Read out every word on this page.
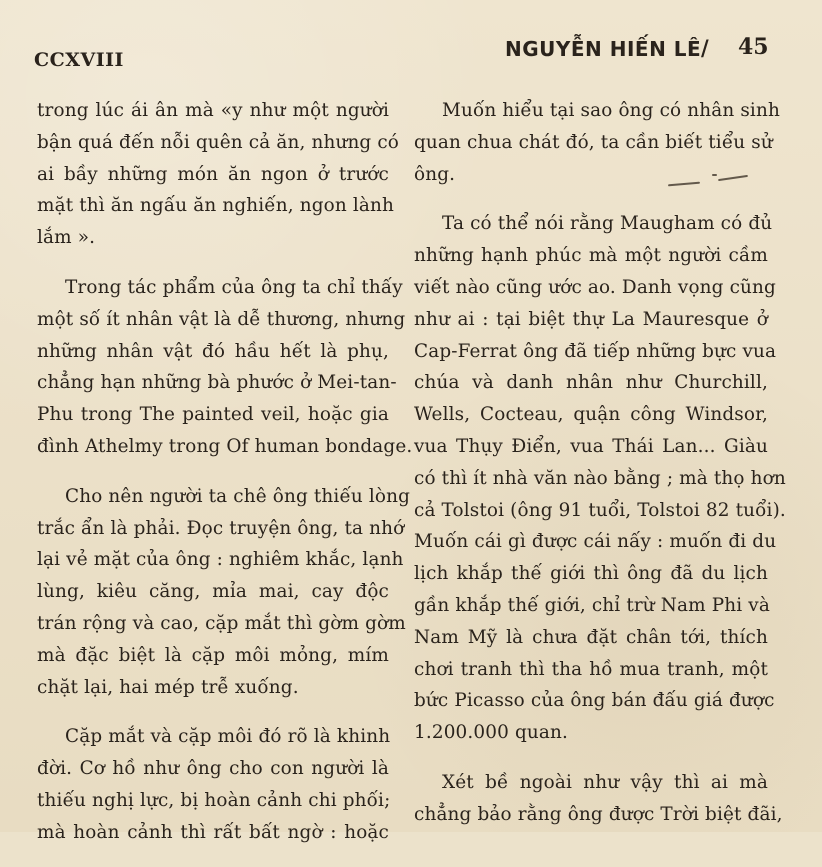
CCXVIII	NGUYỄN HIẾN LÊ / 45

trong lúc ái ân mà «y như một người
bận quá đến nỗi quên cả ăn, nhưng có
ai bầy những món ăn ngon ở trước
mặt thì ăn ngấu ăn nghiến, ngon lành
lắm ».

Trong tác phẩm của ông ta chỉ thấy
một số ít nhân vật là dễ thương, nhưng
những nhân vật đó hầu hết là phụ,
chẳng hạn những bà phước ở Mei-tan-
Phu trong The painted veil, hoặc gia
đình Athelmy trong Of human bondage.

Cho nên người ta chê ông thiếu lòng
trắc ẩn là phải. Đọc truyện ông, ta nhớ
lại vẻ mặt của ông : nghiêm khắc, lạnh
lùng, kiêu căng, mỉa mai, cay độc
trán rộng và cao, cặp mắt thì gờm gờm
mà đặc biệt là cặp môi mỏng, mím
chặt lại, hai mép trễ xuống.

Cặp mắt và cặp môi đó rõ là khinh
đời. Cơ hồ như ông cho con người là
thiếu nghị lực, bị hoàn cảnh chi phối;
mà hoàn cảnh thì rất bất ngờ : hoặc

Muốn hiểu tại sao ông có nhân sinh
quan chua chát đó, ta cần biết tiểu sử
ông.

Ta có thể nói rằng Maugham có đủ
những hạnh phúc mà một người cầm
viết nào cũng ước ao. Danh vọng cũng
như ai : tại biệt thự La Mauresque ở
Cap-Ferrat ông đã tiếp những bực vua
chúa và danh nhân như Churchill,
Wells, Cocteau, quận công Windsor,
vua Thụy Điển, vua Thái Lan... Giàu
có thì ít nhà văn nào bằng ; mà thọ hơn
cả Tolstoi (ông 91 tuổi, Tolstoi 82 tuổi).
Muốn cái gì được cái nấy : muốn đi du
lịch khắp thế giới thì ông đã du lịch
gần khắp thế giới, chỉ trừ Nam Phi và
Nam Mỹ là chưa đặt chân tới, thích
chơi tranh thì tha hồ mua tranh, một
bức Picasso của ông bán đấu giá được
1.200.000 quan.

Xét bề ngoài như vậy thì ai mà
chẳng bảo rằng ông được Trời biệt đãi,
